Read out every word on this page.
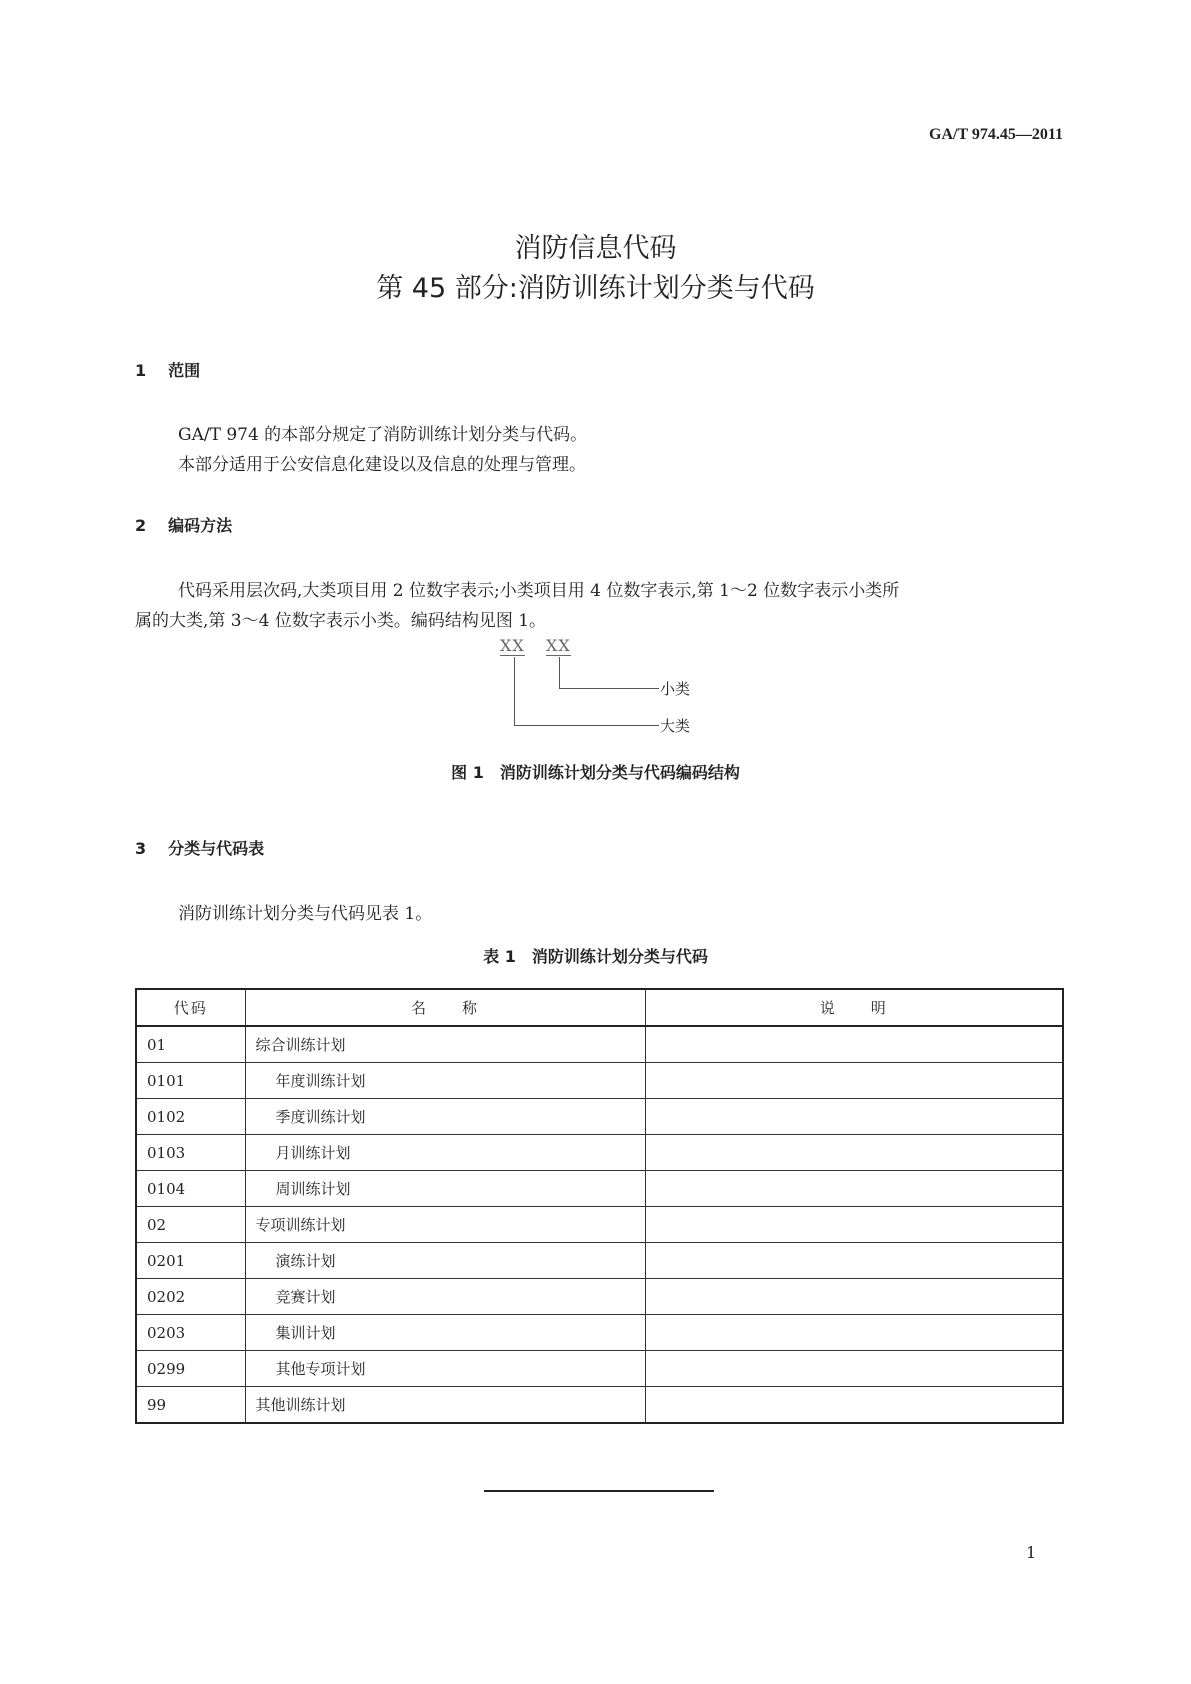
GA/T 974.45—2011
消防信息代码
第 45 部分:消防训练计划分类与代码
1 范围
GA/T 974 的本部分规定了消防训练计划分类与代码。
本部分适用于公安信息化建设以及信息的处理与管理。
2 编码方法
代码采用层次码,大类项目用 2 位数字表示;小类项目用 4 位数字表示,第 1～2 位数字表示小类所
属的大类,第 3～4 位数字表示小类。编码结构见图 1。
XX XX
小类
大类
图 1　消防训练计划分类与代码编码结构
3 分类与代码表
消防训练计划分类与代码见表 1。
表 1　消防训练计划分类与代码
代码	名　　称	说　　明
01	综合训练计划	
0101	年度训练计划	
0102	季度训练计划	
0103	月训练计划	
0104	周训练计划	
02	专项训练计划	
0201	演练计划	
0202	竞赛计划	
0203	集训计划	
0299	其他专项计划	
99	其他训练计划	
1
